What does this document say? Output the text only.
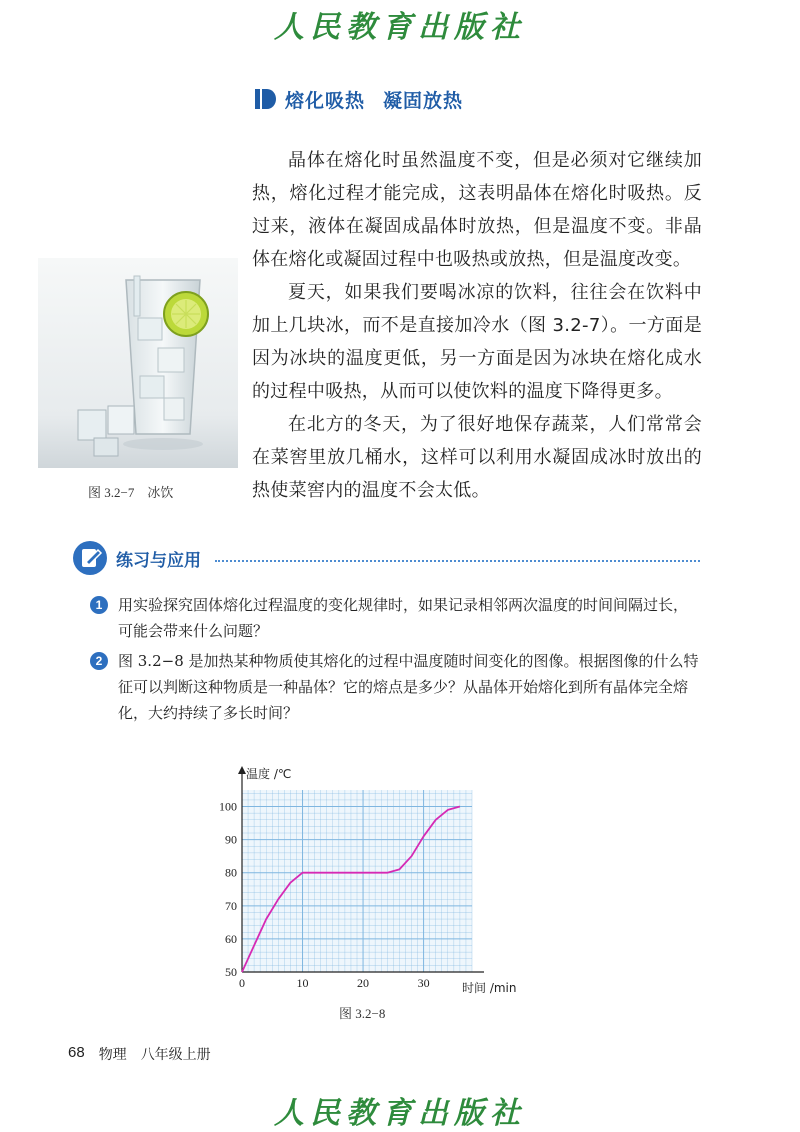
人民教育出版社
熔化吸热 凝固放热

晶体在熔化时虽然温度不变，但是必须对它继续加热，熔化过程才能完成，这表明晶体在熔化时吸热。反过来，液体在凝固成晶体时放热，但是温度不变。非晶体在熔化或凝固过程中也吸热或放热，但是温度改变。

夏天，如果我们要喝冰凉的饮料，往往会在饮料中加上几块冰，而不是直接加冷水（图 3.2-7）。一方面是因为冰块的温度更低，另一方面是因为冰块在熔化成水的过程中吸热，从而可以使饮料的温度下降得更多。

在北方的冬天，为了很好地保存蔬菜，人们常常会在菜窖里放几桶水，这样可以利用水凝固成冰时放出的热使菜窖内的温度不会太低。

图 3.2−7　冰饮
练习与应用
1	用实验探究固体熔化过程温度的变化规律时，如果记录相邻两次温度的时间间隔过长，可能会带来什么问题？
2	图 3.2−8 是加热某种物质使其熔化的过程中温度随时间变化的图像。根据图像的什么特征可以判断这种物质是一种晶体？它的熔点是多少？从晶体开始熔化到所有晶体完全熔化，大约持续了多长时间？
50
60
70
80
90
100
0	10	20	30
温度 /℃
时间 /min
图 3.2−8
68 物理 八年级上册
人民教育出版社
